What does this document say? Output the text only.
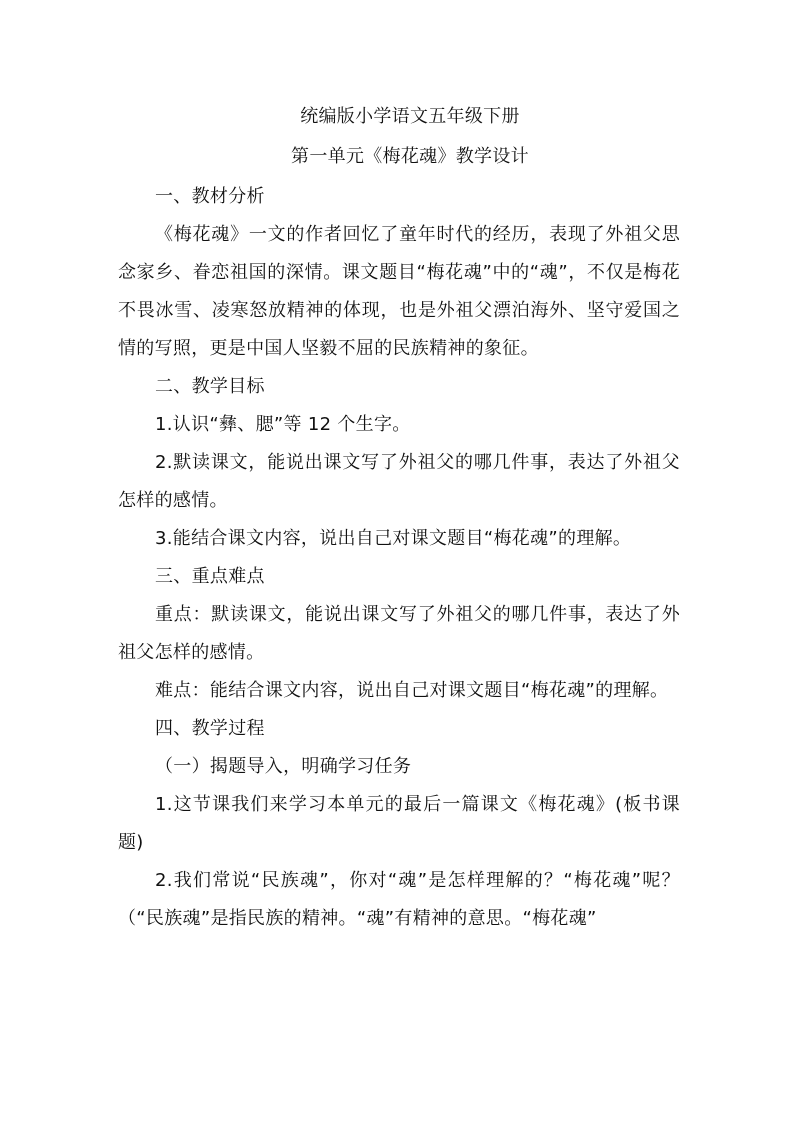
统编版小学语文五年级下册

第一单元《梅花魂》教学设计

一、教材分析

《梅花魂》一文的作者回忆了童年时代的经历，表现了外祖父思念家乡、眷恋祖国的深情。课文题目“梅花魂”中的“魂”，不仅是梅花不畏冰雪、凌寒怒放精神的体现，也是外祖父漂泊海外、坚守爱国之情的写照，更是中国人坚毅不屈的民族精神的象征。

二、教学目标

1.认识“彝、腮”等 12 个生字。

2.默读课文，能说出课文写了外祖父的哪几件事，表达了外祖父怎样的感情。

3.能结合课文内容，说出自己对课文题目“梅花魂”的理解。

三、重点难点

重点：默读课文，能说出课文写了外祖父的哪几件事，表达了外祖父怎样的感情。

难点：能结合课文内容，说出自己对课文题目“梅花魂”的理解。

四、教学过程

（一）揭题导入，明确学习任务

1.这节课我们来学习本单元的最后一篇课文《梅花魂》(板书课题)

2.我们常说“民族魂”，你对“魂”是怎样理解的？“梅花魂”呢？（“民族魂”是指民族的精神。“魂”有精神的意思。“梅花魂”
